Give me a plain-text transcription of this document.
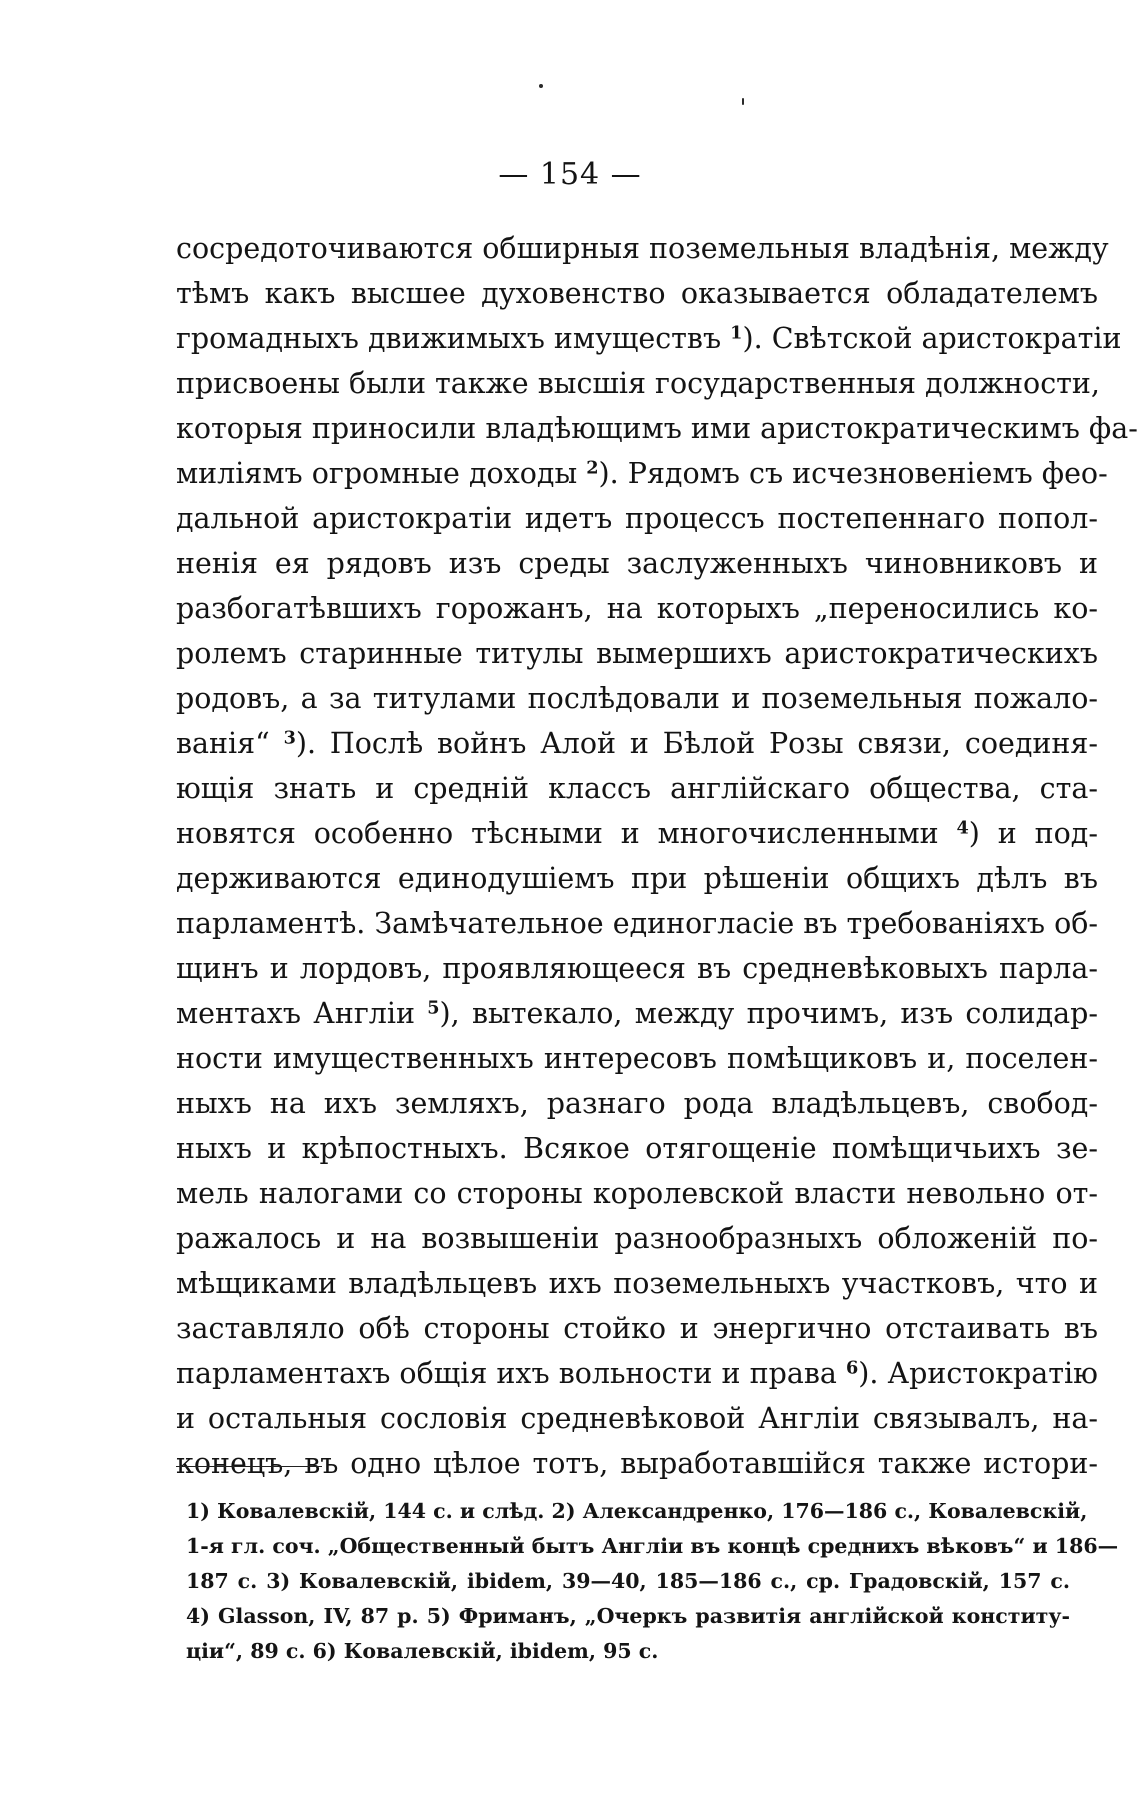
— 154 —
сосредоточиваются обширныя поземельныя владѣнія, между
тѣмъ какъ высшее духовенство оказывается обладателемъ
громадныхъ движимыхъ имуществъ $^1$). Свѣтской аристократіи
присвоены были также высшія государственныя должности,
которыя приносили владѣющимъ ими аристократическимъ фа-
миліямъ огромные доходы $^2$). Рядомъ съ исчезновеніемъ фео-
дальной аристократіи идетъ процессъ постепеннаго попол-
ненія ея рядовъ изъ среды заслуженныхъ чиновниковъ и
разбогатѣвшихъ горожанъ, на которыхъ „переносились ко-
ролемъ старинные титулы вымершихъ аристократическихъ
родовъ, а за титулами послѣдовали и поземельныя пожало-
ванія“ $^3$). Послѣ войнъ Алой и Бѣлой Розы связи, соединя-
ющія знать и средній классъ англійскаго общества, ста-
новятся особенно тѣсными и многочисленными $^4$) и под-
держиваются единодушіемъ при рѣшеніи общихъ дѣлъ въ
парламентѣ. Замѣчательное единогласіе въ требованіяхъ об-
щинъ и лордовъ, проявляющееся въ средневѣковыхъ парла-
ментахъ Англіи $^5$), вытекало, между прочимъ, изъ солидар-
ности имущественныхъ интересовъ помѣщиковъ и, поселен-
ныхъ на ихъ земляхъ, разнаго рода владѣльцевъ, свобод-
ныхъ и крѣпостныхъ. Всякое отягощеніе помѣщичьихъ зе-
мель налогами со стороны королевской власти невольно от-
ражалось и на возвышеніи разнообразныхъ обложеній по-
мѣщиками владѣльцевъ ихъ поземельныхъ участковъ, что и
заставляло обѣ стороны стойко и энергично отстаивать въ
парламентахъ общія ихъ вольности и права $^6$). Аристократію
и остальныя сословія средневѣковой Англіи связывалъ, на-
конецъ, въ одно цѣлое тотъ, выработавшійся также истори-
1) Ковалевскій, 144 с. и слѣд. 2) Александренко, 176—186 с., Ковалевскій,
1-я гл. соч. „Общественный бытъ Англіи въ концѣ среднихъ вѣковъ“ и 186—
187 с. 3) Ковалевскій, ibidem, 39—40, 185—186 с., ср. Градовскій, 157 с.
4) Glasson, IV, 87 р. 5) Фриманъ, „Очеркъ развитія англійской конститу-
ціи“, 89 с. 6) Ковалевскій, ibidem, 95 с.
